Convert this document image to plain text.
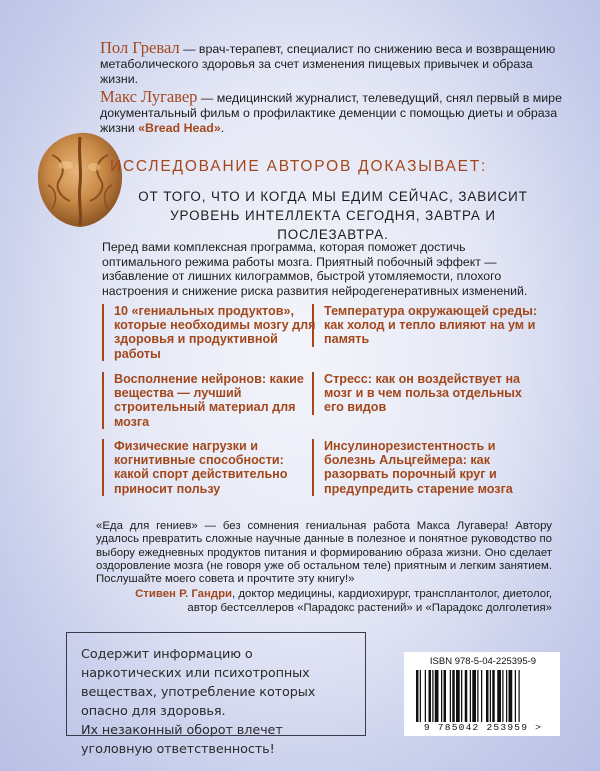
Пол Гревал — врач-терапевт, специалист по снижению веса и возвращению метаболического здоровья за счет изменения пищевых привычек и образа жизни.
Макс Лугавер — медицинский журналист, телеведущий, снял первый в мире документальный фильм о профилактике деменции с помощью диеты и образа жизни «Bread Head».
ИССЛЕДОВАНИЕ АВТОРОВ ДОКАЗЫВАЕТ:
ОТ ТОГО, ЧТО И КОГДА МЫ ЕДИМ СЕЙЧАС, ЗАВИСИТ
УРОВЕНЬ ИНТЕЛЛЕКТА СЕГОДНЯ, ЗАВТРА И ПОСЛЕЗАВТРА.
Перед вами комплексная программа, которая поможет достичь оптимального режима работы мозга. Приятный побочный эффект — избавление от лишних килограммов, быстрой утомляемости, плохого настроения и снижение риска развития нейродегенеративных изменений.
10 «гениальных продуктов», которые необходимы мозгу для здоровья и продуктивной работы
Температура окружающей среды: как холод и тепло влияют на ум и память
Восполнение нейронов: какие вещества — лучший строительный материал для мозга
Стресс: как он воздействует на мозг и в чем польза отдельных его видов
Физические нагрузки и когнитивные способности: какой спорт действительно приносит пользу
Инсулинорезистентность и болезнь Альцгеймера: как разорвать порочный круг и предупредить старение мозга
«Еда для гениев» — без сомнения гениальная работа Макса Лугавера! Автору удалось превратить сложные научные данные в полезное и понятное руководство по выбору ежедневных продуктов питания и формированию образа жизни. Оно сделает оздоровление мозга (не говоря уже об остальном теле) приятным и легким занятием. Послушайте моего совета и прочтите эту книгу!»
Стивен Р. Гандри, доктор медицины, кардиохирург, трансплантолог, диетолог,
автор бестселлеров «Парадокс растений» и «Парадокс долголетия»
Содержит информацию о наркотических или психотропных
веществах, употребление которых опасно для здоровья.
Их незаконный оборот влечет уголовную ответственность!
ISBN 978-5-04-225395-9
9 785042 253959 >
